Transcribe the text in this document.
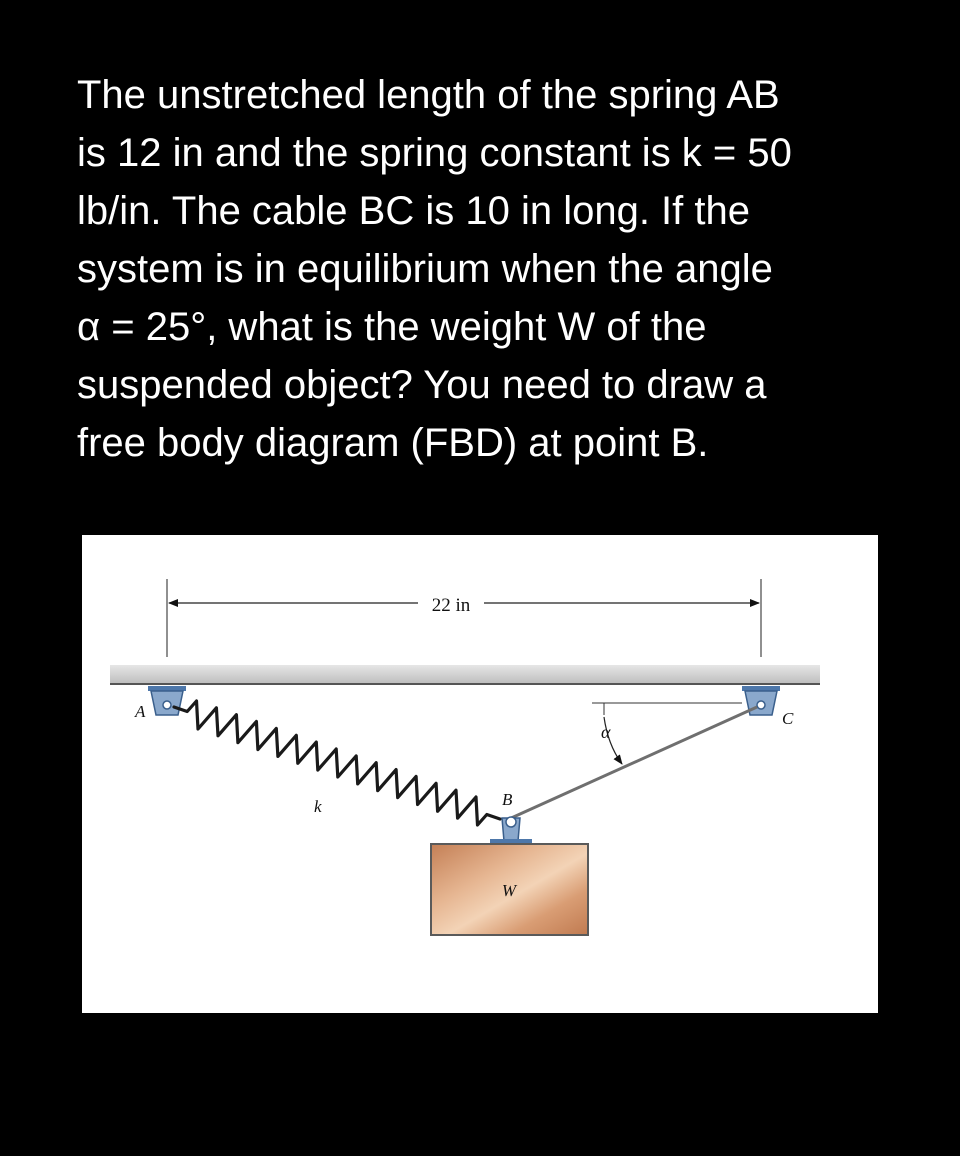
The unstretched length of the spring AB
is 12 in and the spring constant is k = 50
lb/in. The cable BC is 10 in long. If the
system is in equilibrium when the angle
α = 25°, what is the weight W of the
suspended object? You need to draw a
free body diagram (FBD) at point B.
22 in
α
W
A
B
C
k
